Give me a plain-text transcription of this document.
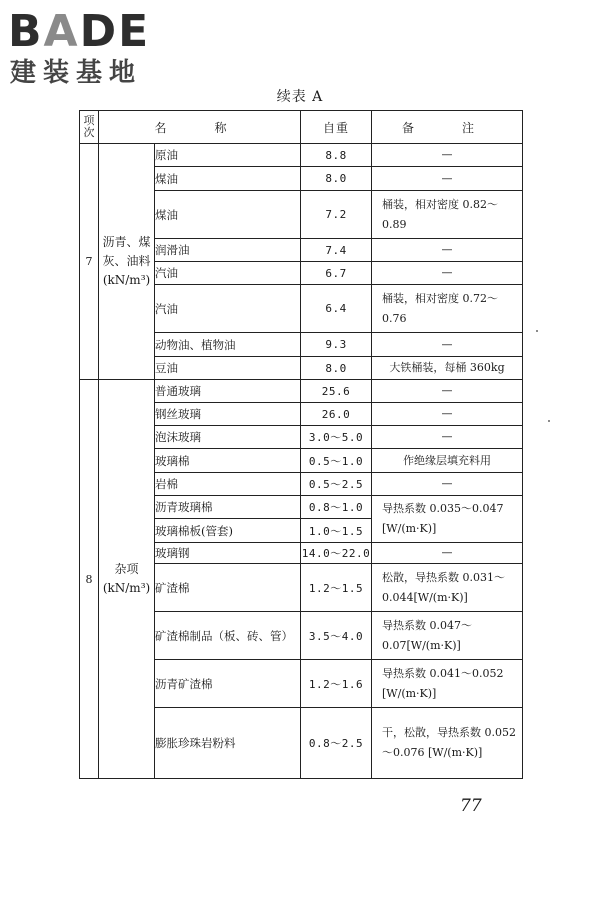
BADE
建装基地
续表 A
项次	名　称		自重	备　注
7	沥青、煤灰、油料 (kN/m³)	原油	8.8	—
		煤油	8.0	—
		煤油	7.2	桶装，相对密度 0.82～0.89
		润滑油	7.4	—
		汽油	6.7	—
		汽油	6.4	桶装，相对密度 0.72～0.76
		动物油、植物油	9.3	—
		豆油	8.0	大铁桶装，每桶 360kg
8	杂项 (kN/m³)	普通玻璃	25.6	—
		钢丝玻璃	26.0	—
		泡沫玻璃	3.0～5.0	—
		玻璃棉	0.5～1.0	作绝缘层填充料用
		岩棉	0.5～2.5	—
		沥青玻璃棉	0.8～1.0	导热系数 0.035～0.047 [W/(m·K)]
		玻璃棉板(管套)	1.0～1.5	
		玻璃钢	14.0～22.0	—
		矿渣棉	1.2～1.5	松散，导热系数 0.031～0.044[W/(m·K)]
		矿渣棉制品（板、砖、管）	3.5～4.0	导热系数 0.047～0.07[W/(m·K)]
		沥青矿渣棉	1.2～1.6	导热系数 0.041～0.052 [W/(m·K)]
		膨胀珍珠岩粉料	0.8～2.5	干，松散，导热系数 0.052～0.076 [W/(m·K)]
77
